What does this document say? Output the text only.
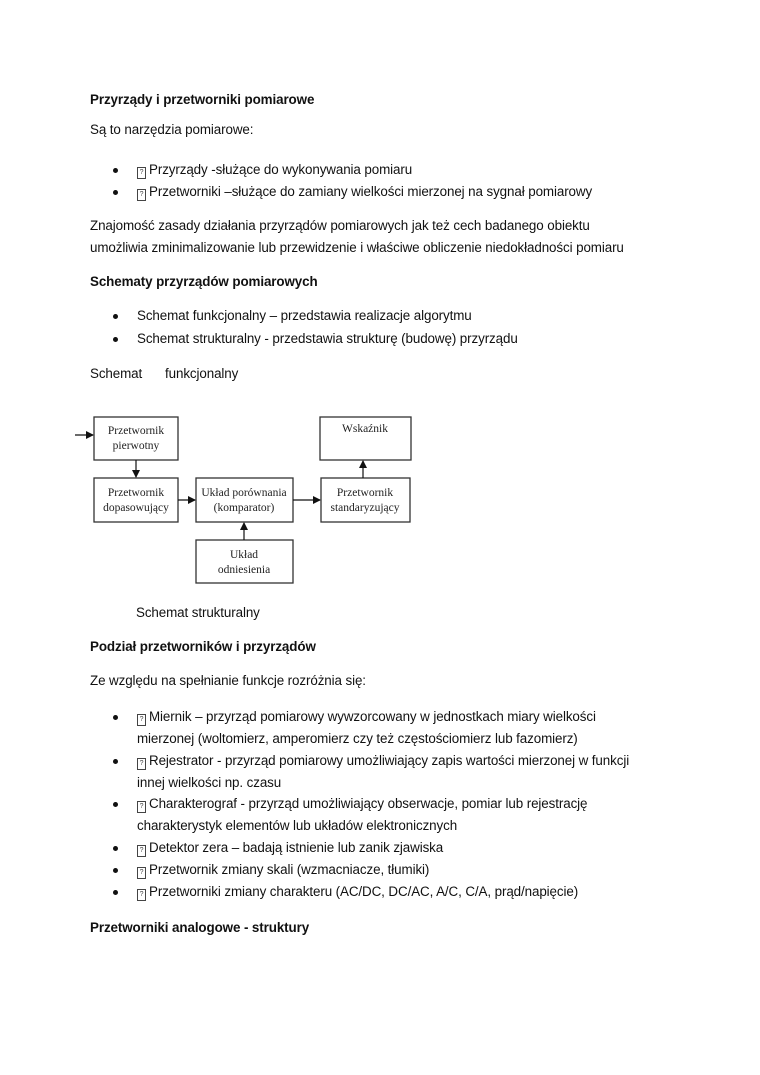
Przyrządy i przetworniki pomiarowe
Są to narzędzia pomiarowe:
? Przyrządy -służące do wykonywania pomiaru
? Przetworniki –służące do zamiany wielkości mierzonej na sygnał pomiarowy
Znajomość zasady działania przyrządów pomiarowych jak też cech badanego obiektu
umożliwia zminimalizowanie lub przewidzenie i właściwe obliczenie niedokładności pomiaru
Schematy przyrządów pomiarowych
Schemat funkcjonalny – przedstawia realizacje algorytmu
Schemat strukturalny - przedstawia strukturę (budowę) przyrządu
Schemat funkcjonalny
Przetwornik
pierwotny
Przetwornik
dopasowujący
Układ porównania
(komparator)
Układ
odniesienia
Przetwornik
standaryzujący
Wskaźnik
Schemat strukturalny
Podział przetworników i przyrządów
Ze względu na spełnianie funkcje rozróżnia się:
? Miernik – przyrząd pomiarowy wywzorcowany w jednostkach miary wielkości
mierzonej (woltomierz, amperomierz czy też częstościomierz lub fazomierz)
? Rejestrator - przyrząd pomiarowy umożliwiający zapis wartości mierzonej w funkcji
innej wielkości np. czasu
? Charakterograf - przyrząd umożliwiający obserwacje, pomiar lub rejestrację
charakterystyk elementów lub układów elektronicznych
? Detektor zera – badają istnienie lub zanik zjawiska
? Przetwornik zmiany skali (wzmacniacze, tłumiki)
? Przetworniki zmiany charakteru (AC/DC, DC/AC, A/C, C/A, prąd/napięcie)
Przetworniki analogowe - struktury
